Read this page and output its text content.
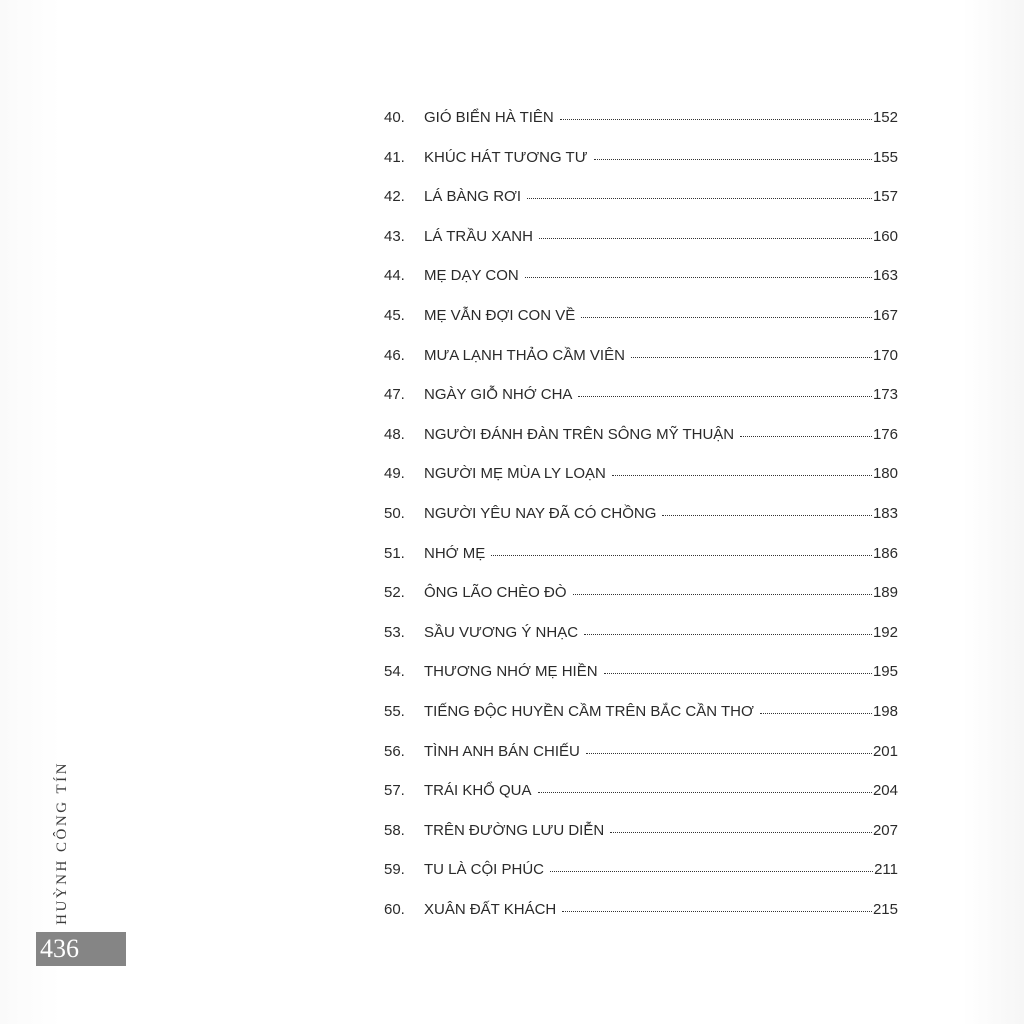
40.	GIÓ BIỂN HÀ TIÊN	152
41.	KHÚC HÁT TƯƠNG TƯ	155
42.	LÁ BÀNG RƠI	157
43.	LÁ TRẦU XANH	160
44.	MẸ DẠY CON	163
45.	MẸ VẪN ĐỢI CON VỀ	167
46.	MƯA LẠNH THẢO CẦM VIÊN	170
47.	NGÀY GIỖ NHỚ CHA	173
48.	NGƯỜI ĐÁNH ĐÀN TRÊN SÔNG MỸ THUẬN	176
49.	NGƯỜI MẸ MÙA LY LOẠN	180
50.	NGƯỜI YÊU NAY ĐÃ CÓ CHỒNG	183
51.	NHỚ MẸ	186
52.	ÔNG LÃO CHÈO ĐÒ	189
53.	SẦU VƯƠNG Ý NHẠC	192
54.	THƯƠNG NHỚ MẸ HIỀN	195
55.	TIẾNG ĐỘC HUYỀN CẦM TRÊN BẮC CẦN THƠ	198
56.	TÌNH ANH BÁN CHIẾU	201
57.	TRÁI KHỔ QUA	204
58.	TRÊN ĐƯỜNG LƯU DIỄN	207
59.	TU LÀ CỘI PHÚC	211
60.	XUÂN ĐẤT KHÁCH	215
HUỲNH CÔNG TÍN
436
